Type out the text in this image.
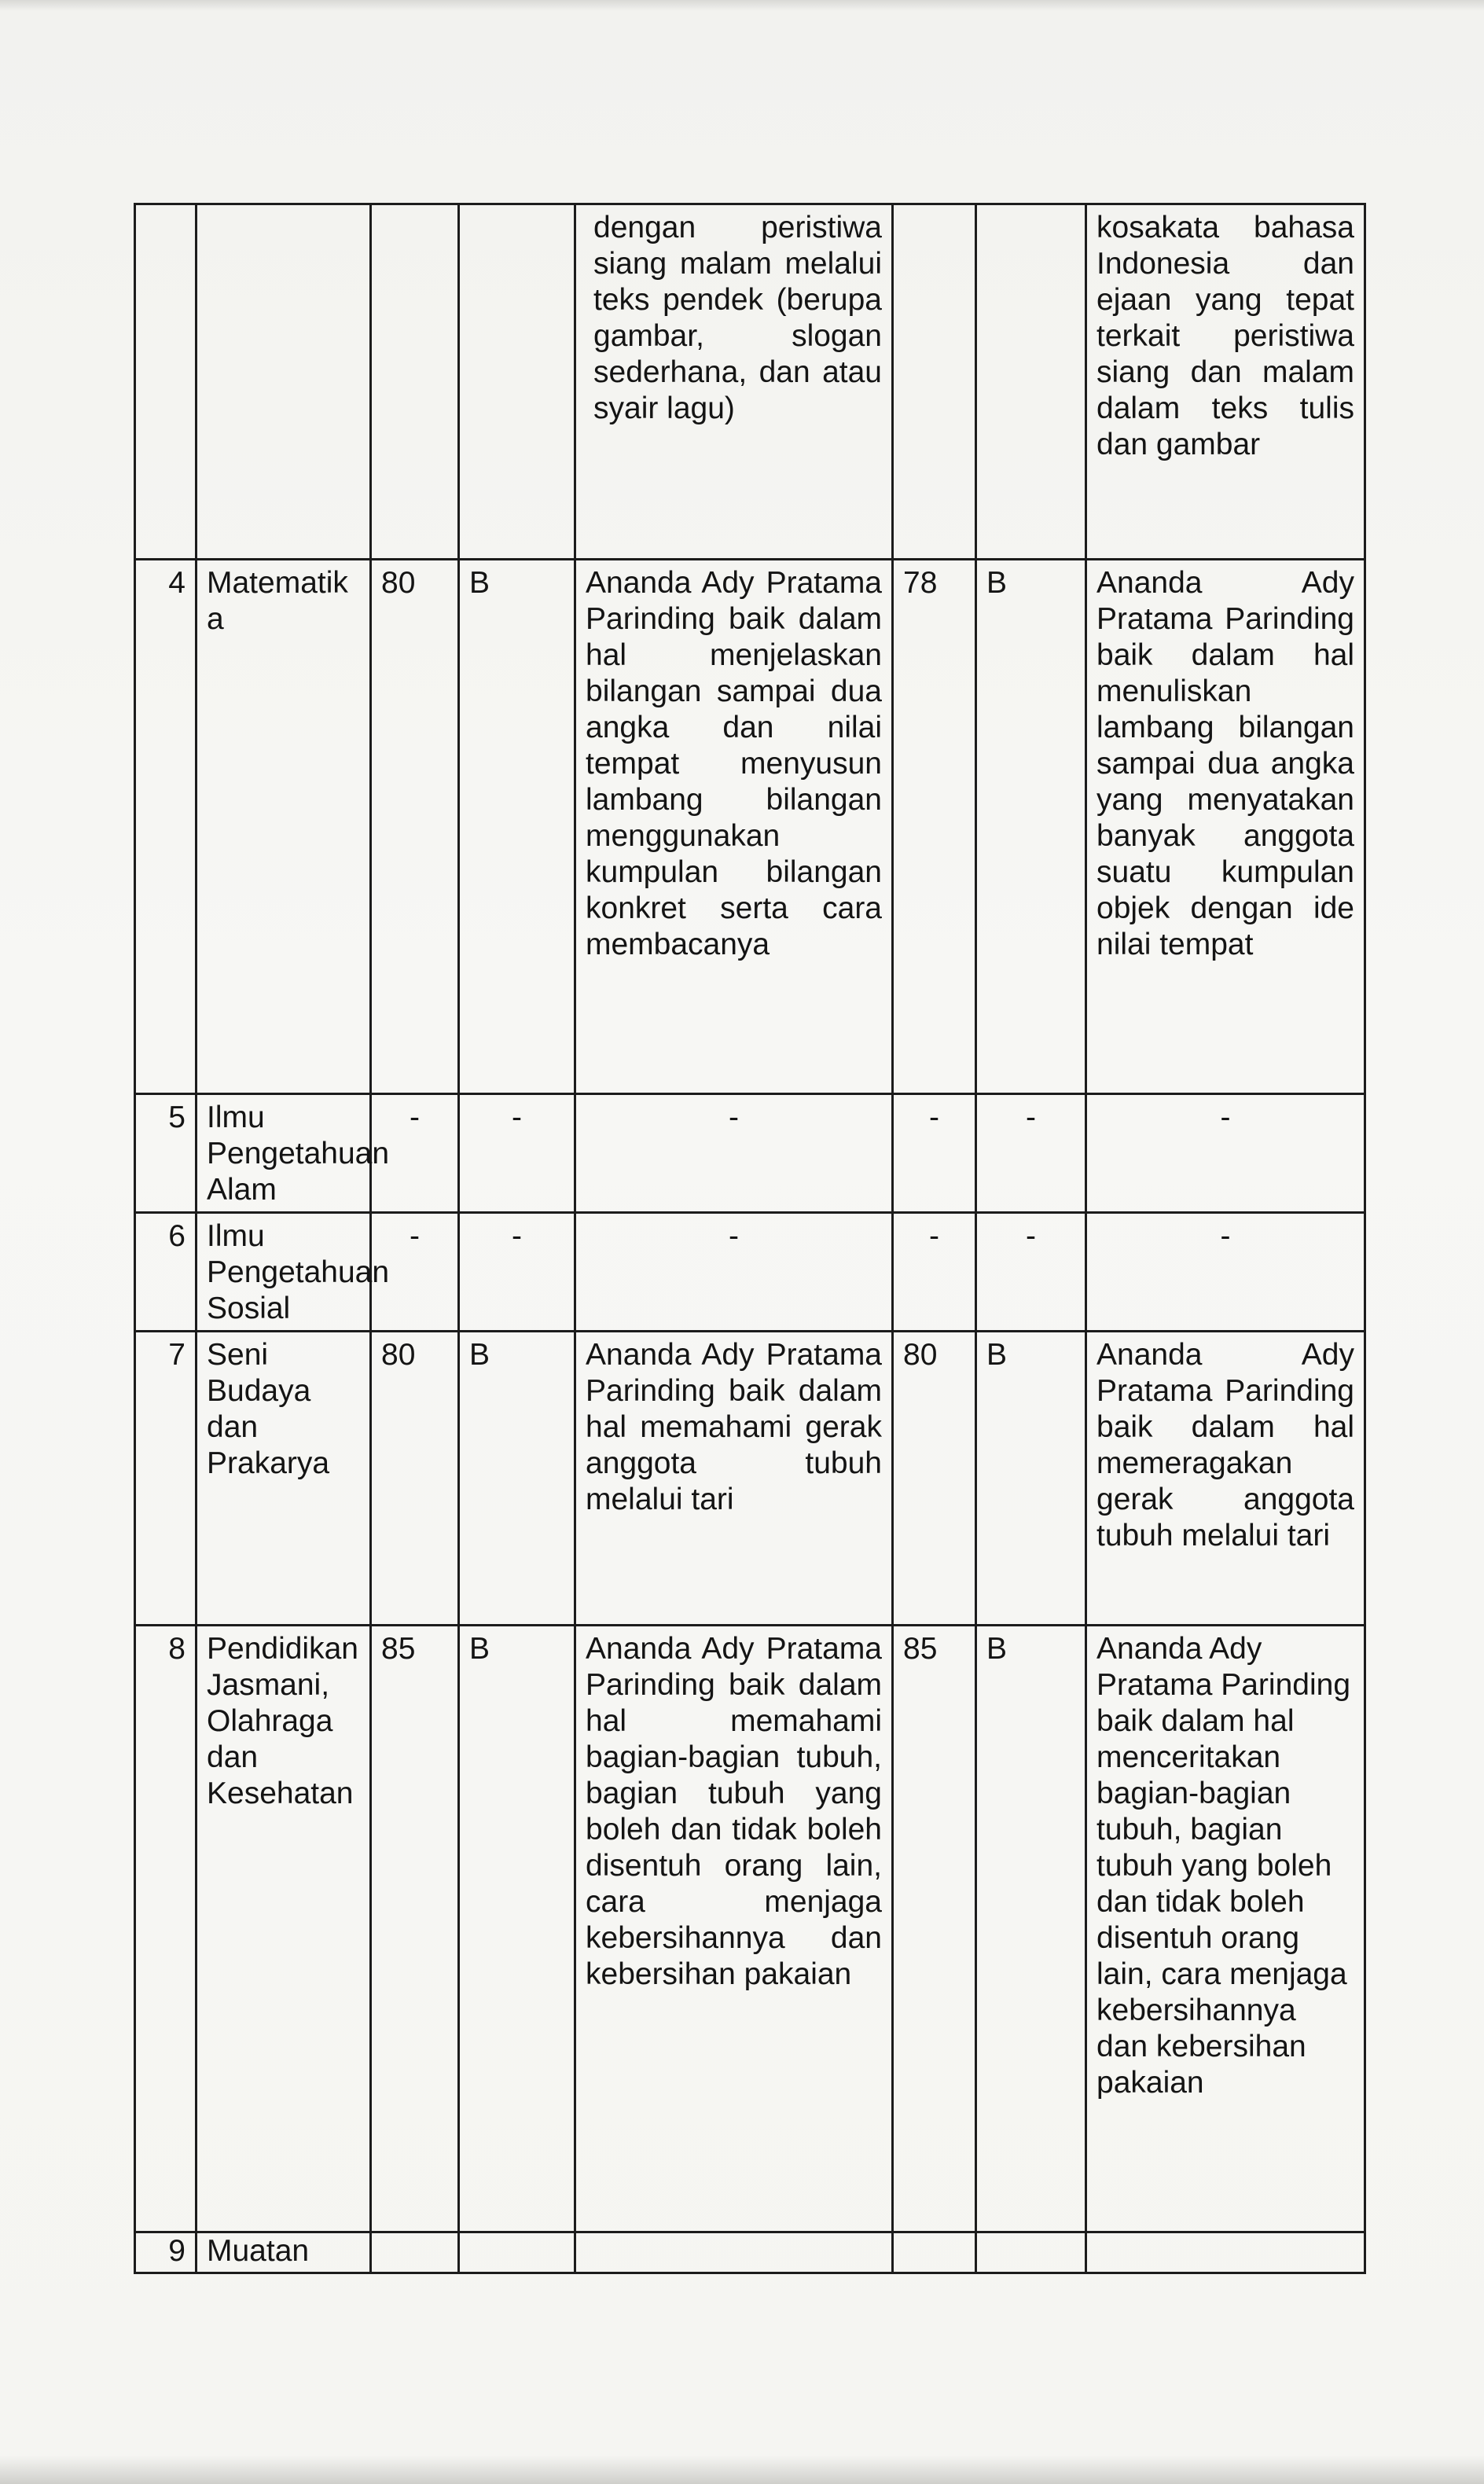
				dengan peristiwa siang malam melalui teks pendek (berupa gambar, slogan sederhana, dan atau syair lagu)			kosakata bahasa Indonesia dan ejaan yang tepat terkait peristiwa siang dan malam dalam teks tulis dan gambar
4	Matematika	80	B	Ananda Ady Pratama Parinding baik dalam hal menjelaskan bilangan sampai dua angka dan nilai tempat menyusun lambang bilangan menggunakan kumpulan bilangan konkret serta cara membacanya	78	B	Ananda Ady Pratama Parinding baik dalam hal menuliskan lambang bilangan sampai dua angka yang menyatakan banyak anggota suatu kumpulan objek dengan ide nilai tempat
5	Ilmu Pengetahuan Alam	-	-	-	-	-	-
6	Ilmu Pengetahuan Sosial	-	-	-	-	-	-
7	Seni Budaya dan Prakarya	80	B	Ananda Ady Pratama Parinding baik dalam hal memahami gerak anggota tubuh melalui tari	80	B	Ananda Ady Pratama Parinding baik dalam hal memeragakan gerak anggota tubuh melalui tari
8	Pendidikan Jasmani, Olahraga dan Kesehatan	85	B	Ananda Ady Pratama Parinding baik dalam hal memahami bagian-bagian tubuh, bagian tubuh yang boleh dan tidak boleh disentuh orang lain, cara menjaga kebersihannya dan kebersihan pakaian	85	B	Ananda Ady Pratama Parinding baik dalam hal menceritakan bagian-bagian tubuh, bagian tubuh yang boleh dan tidak boleh disentuh orang lain, cara menjaga kebersihannya dan kebersihan pakaian
9	Muatan						
